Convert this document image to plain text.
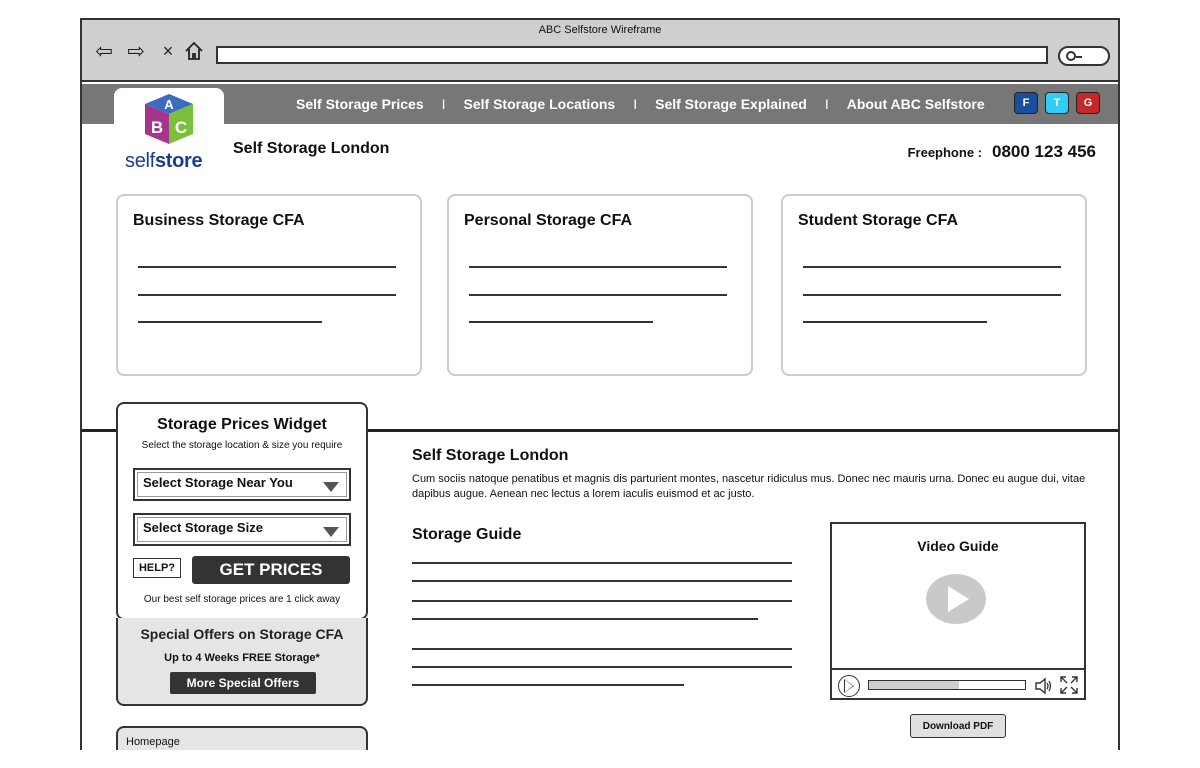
ABC Selfstore Wireframe
⇦ ⇨ ×
Self Storage Prices I Self Storage Locations I Self Storage Explained I About ABC Selfstore	F	T	G
A
B C
selfstore
Self Storage London	Freephone : 0800 123 456
Business Storage CFA	Personal Storage CFA	Student Storage CFA
Storage Prices Widget
Select the storage location & size you require
Select Storage Near You
Select Storage Size
HELP?	GET PRICES
Our best self storage prices are 1 click away
Special Offers on Storage CFA
Up to 4 Weeks FREE Storage*
More Special Offers
Homepage
Self Storage London
Cum sociis natoque penatibus et magnis dis parturient montes, nascetur ridiculus mus. Donec nec mauris urna. Donec eu augue dui, vitae dapibus augue. Aenean nec lectus a lorem iaculis euismod et ac justo.
Storage Guide
Video Guide
Download PDF
